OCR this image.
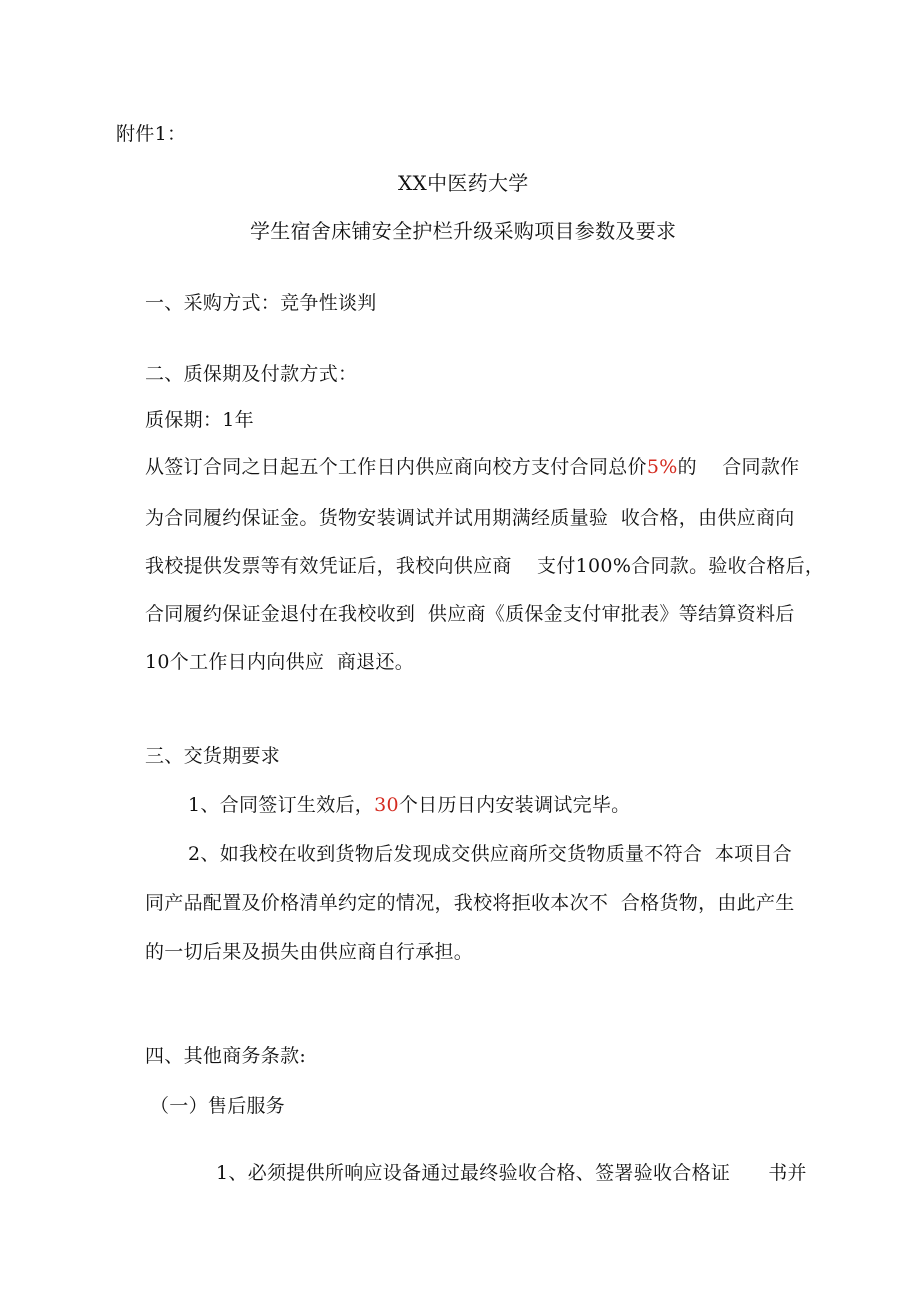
附件1：
XX中医药大学
学生宿舍床铺安全护栏升级采购项目参数及要求
一、采购方式：竞争性谈判
二、质保期及付款方式：
质保期：1年
从签订合同之日起五个工作日内供应商向校方支付合同总价5%的    合同款作
为合同履约保证金。货物安装调试并试用期满经质量验  收合格，由供应商向
我校提供发票等有效凭证后，我校向供应商    支付100%合同款。验收合格后，
合同履约保证金退付在我校收到  供应商《质保金支付审批表》等结算资料后
10个工作日内向供应  商退还。
三、交货期要求
1、合同签订生效后，30个日历日内安装调试完毕。
2、如我校在收到货物后发现成交供应商所交货物质量不符合  本项目合
同产品配置及价格清单约定的情况，我校将拒收本次不  合格货物，由此产生
的一切后果及损失由供应商自行承担。
四、其他商务条款:
（一）售后服务
1、必须提供所响应设备通过最终验收合格、签署验收合格证      书并
